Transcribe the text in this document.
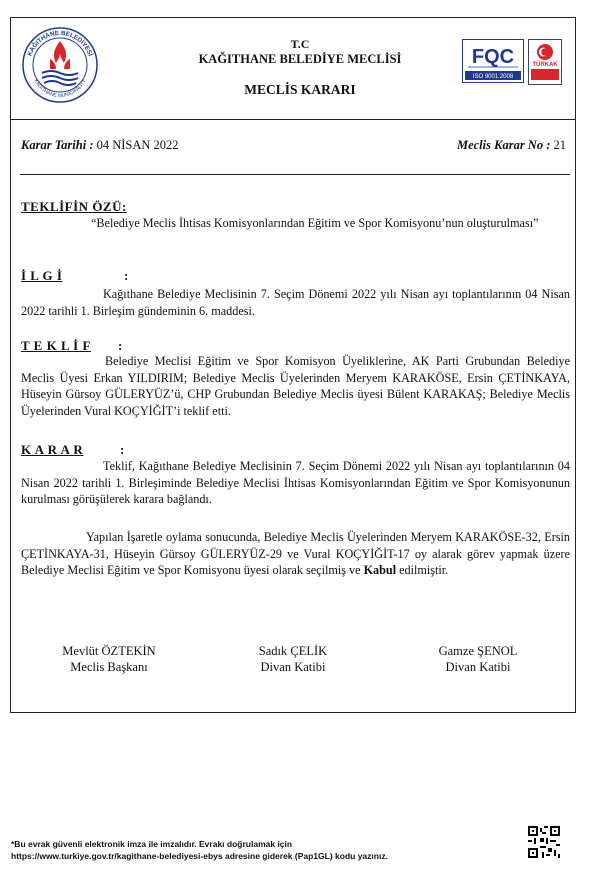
KAĞITHANE BELEDİYESİ
KAĞITHANE MUNICIPALITY
T.C
KAĞITHANE BELEDİYE MECLİSİ
MECLİS KARARI
FQC
ISO 9001:2008
TÜRKAK
Karar Tarihi : 04 NİSAN 2022	Meclis Karar No : 21
TEKLİFİN ÖZÜ:
“Belediye Meclis İhtisas Komisyonlarından Eğitim ve Spor Komisyonu’nun oluşturulması”
İ L G İ	:
Kağıthane Belediye Meclisinin 7. Seçim Dönemi 2022 yılı Nisan ayı toplantılarının 04 Nisan 2022 tarihli 1. Birleşim gündeminin 6. maddesi.
T E K L İ F :
Belediye Meclisi Eğitim ve Spor Komisyon Üyeliklerine, AK Parti Grubundan Belediye Meclis Üyesi Erkan YILDIRIM; Belediye Meclis Üyelerinden Meryem KARAKÖSE, Ersin ÇETİNKAYA, Hüseyin Gürsoy GÜLERYÜZ’ü, CHP Grubundan Belediye Meclis üyesi Bülent KARAKAŞ; Belediye Meclis Üyelerinden Vural KOÇYİĞİT’i teklif etti.
K A R A R	:
Teklif, Kağıthane Belediye Meclisinin 7. Seçim Dönemi 2022 yılı Nisan ayı toplantılarının 04 Nisan 2022 tarihli 1. Birleşiminde Belediye Meclisi İhtisas Komisyonlarından Eğitim ve Spor Komisyonunun kurulması görüşülerek karara bağlandı.
Yapılan İşaretle oylama sonucunda, Belediye Meclis Üyelerinden Meryem KARAKÖSE-32, Ersin ÇETİNKAYA-31, Hüseyin Gürsoy GÜLERYÜZ-29 ve Vural KOÇYİĞİT-17 oy alarak görev yapmak üzere Belediye Meclisi Eğitim ve Spor Komisyonu üyesi olarak seçilmiş ve Kabul edilmiştir.
Mevlüt ÖZTEKİN
Meclis Başkanı
Sadık ÇELİK
Divan Katibi
Gamze ŞENOL
Divan Katibi
*Bu evrak güvenli elektronik imza ile imzalıdır. Evrakı doğrulamak için
https://www.turkiye.gov.tr/kagithane-belediyesi-ebys adresine giderek (Pap1GL) kodu yazınız.
